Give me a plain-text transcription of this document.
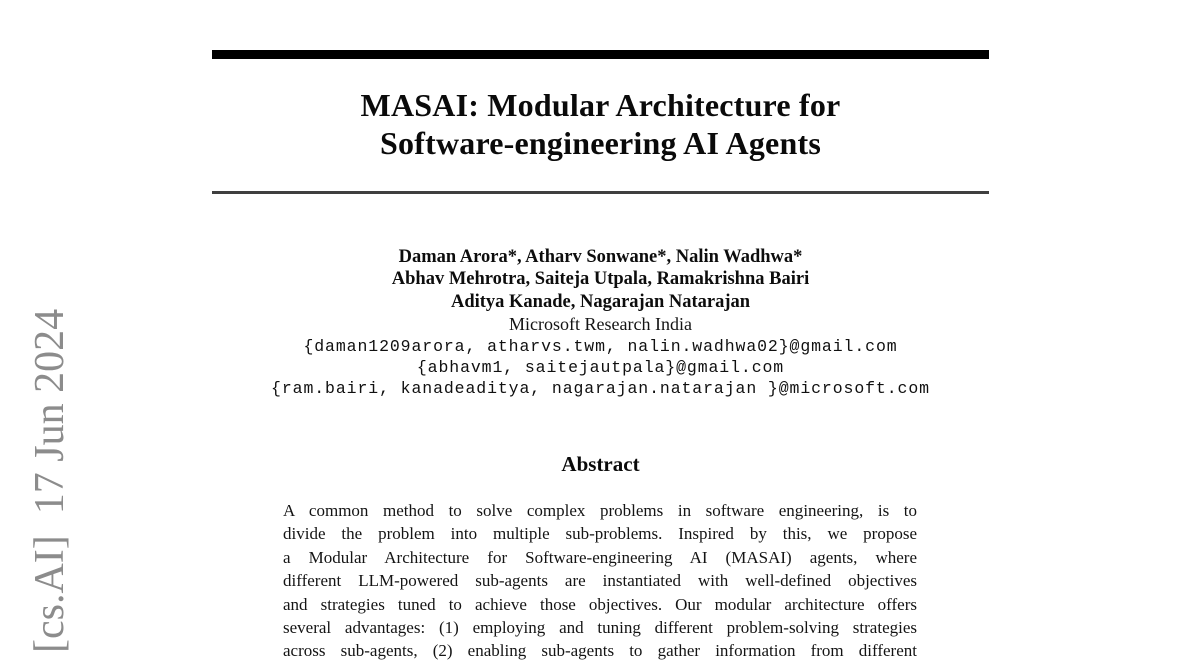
[cs.AI]  17 Jun 2024
MASAI: Modular Architecture for
Software-engineering AI Agents
Daman Arora*, Atharv Sonwane*, Nalin Wadhwa*
Abhav Mehrotra, Saiteja Utpala, Ramakrishna Bairi
Aditya Kanade, Nagarajan Natarajan
Microsoft Research India
{daman1209arora, atharvs.twm, nalin.wadhwa02}@gmail.com
{abhavm1, saitejautpala}@gmail.com
{ram.bairi, kanadeaditya, nagarajan.natarajan }@microsoft.com
Abstract
A common method to solve complex problems in software engineering, is to
divide the problem into multiple sub-problems. Inspired by this, we propose
a Modular Architecture for Software-engineering AI (MASAI) agents, where
different LLM-powered sub-agents are instantiated with well-defined objectives
and strategies tuned to achieve those objectives. Our modular architecture offers
several advantages: (1) employing and tuning different problem-solving strategies
across sub-agents, (2) enabling sub-agents to gather information from different
